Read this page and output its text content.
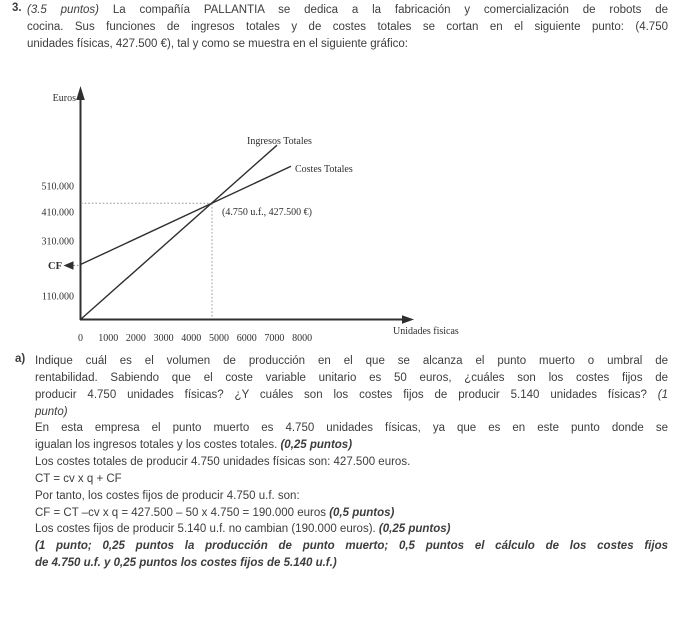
3. (3.5 puntos) La compañía PALLANTIA se dedica a la fabricación y comercialización de robots de
cocina. Sus funciones de ingresos totales y de costes totales se cortan en el siguiente punto: (4.750
unidades físicas, 427.500 €), tal y como se muestra en el siguiente gráfico:
Euros
Unidades fisicas
510.000
410.000
310.000
110.000
CF
0 1000 2000 3000 4000 5000 6000 7000 8000
Ingresos Totales
Costes Totales
(4.750 u.f., 427.500 €)
a) Indique cuál es el volumen de producción en el que se alcanza el punto muerto o umbral de
rentabilidad. Sabiendo que el coste variable unitario es 50 euros, ¿cuáles son los costes fijos de
producir 4.750 unidades físicas? ¿Y cuáles son los costes fijos de producir 5.140 unidades físicas? (1
punto)
En esta empresa el punto muerto es 4.750 unidades físicas, ya que es en este punto donde se
igualan los ingresos totales y los costes totales. (0,25 puntos)
Los costes totales de producir 4.750 unidades físicas son: 427.500 euros.
CT = cv x q + CF
Por tanto, los costes fijos de producir 4.750 u.f. son:
CF = CT –cv x q = 427.500 – 50 x 4.750 = 190.000 euros (0,5 puntos)
Los costes fijos de producir 5.140 u.f. no cambian (190.000 euros). (0,25 puntos)
(1 punto; 0,25 puntos la producción de punto muerto; 0,5 puntos el cálculo de los costes fijos
de 4.750 u.f. y 0,25 puntos los costes fijos de 5.140 u.f.)
